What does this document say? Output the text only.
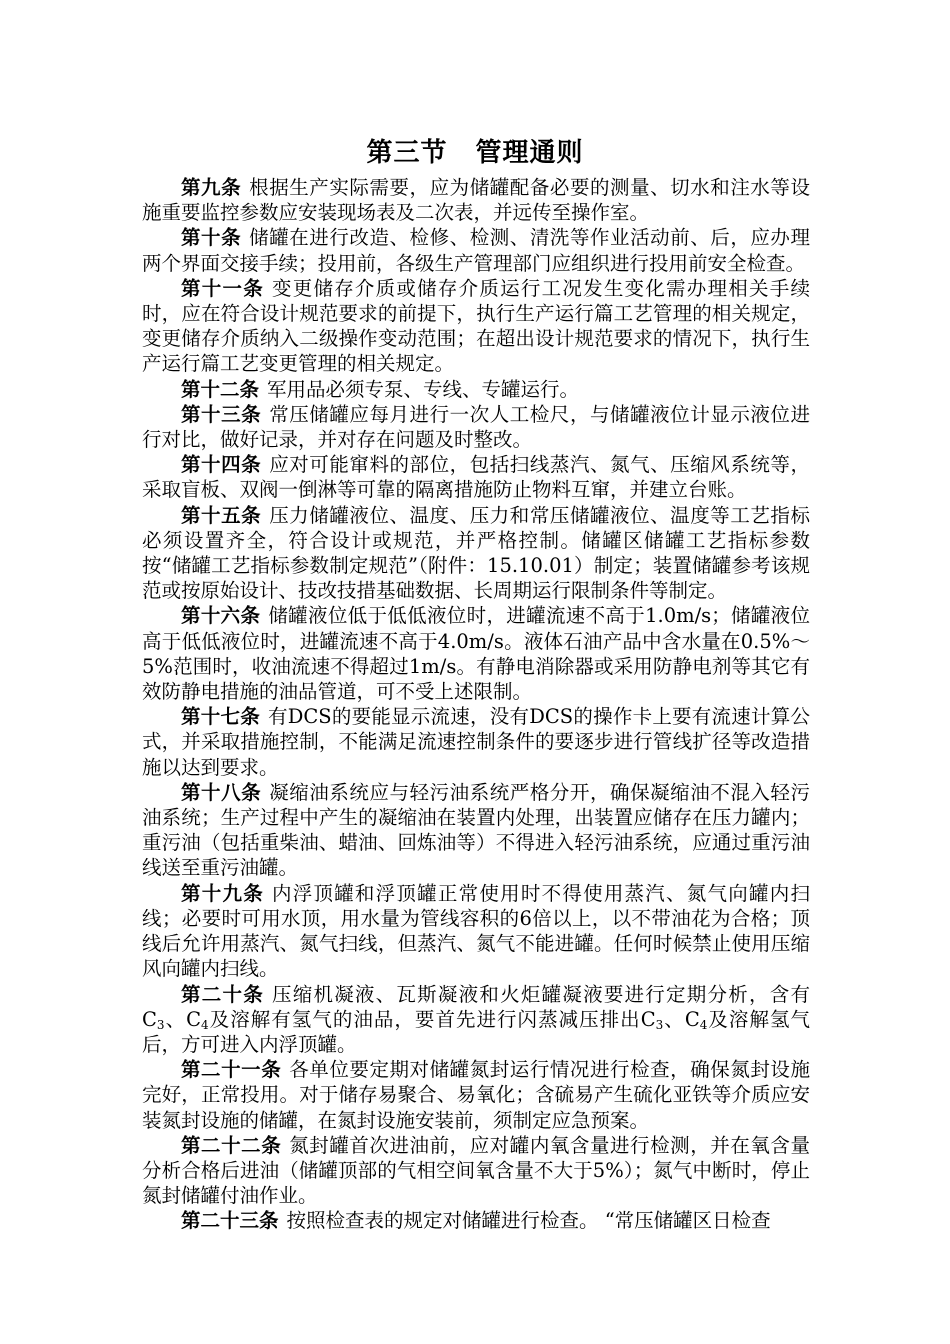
第三节 管理通则

第九条 根据生产实际需要，应为储罐配备必要的测量、切水和注水等设施重要监控参数应安装现场表及二次表，并远传至操作室。

第十条 储罐在进行改造、检修、检测、清洗等作业活动前、后，应办理两个界面交接手续；投用前，各级生产管理部门应组织进行投用前安全检查。

第十一条 变更储存介质或储存介质运行工况发生变化需办理相关手续时，应在符合设计规范要求的前提下，执行生产运行篇工艺管理的相关规定，变更储存介质纳入二级操作变动范围；在超出设计规范要求的情况下，执行生产运行篇工艺变更管理的相关规定。

第十二条 军用品必须专泵、专线、专罐运行。

第十三条 常压储罐应每月进行一次人工检尺，与储罐液位计显示液位进行对比，做好记录，并对存在问题及时整改。

第十四条 应对可能窜料的部位，包括扫线蒸汽、氮气、压缩风系统等，采取盲板、双阀一倒淋等可靠的隔离措施防止物料互窜，并建立台账。

第十五条 压力储罐液位、温度、压力和常压储罐液位、温度等工艺指标必须设置齐全，符合设计或规范，并严格控制。储罐区储罐工艺指标参数按“储罐工艺指标参数制定规范”（附件：15.10.01）制定；装置储罐参考该规范或按原始设计、技改技措基础数据、长周期运行限制条件等制定。

第十六条 储罐液位低于低低液位时，进罐流速不高于1.0m/s；储罐液位高于低低液位时，进罐流速不高于4.0m/s。液体石油产品中含水量在0.5%～5%范围时，收油流速不得超过1m/s。有静电消除器或采用防静电剂等其它有效防静电措施的油品管道，可不受上述限制。

第十七条 有DCS的要能显示流速，没有DCS的操作卡上要有流速计算公式，并采取措施控制，不能满足流速控制条件的要逐步进行管线扩径等改造措施以达到要求。

第十八条 凝缩油系统应与轻污油系统严格分开，确保凝缩油不混入轻污油系统；生产过程中产生的凝缩油在装置内处理，出装置应储存在压力罐内；重污油（包括重柴油、蜡油、回炼油等）不得进入轻污油系统，应通过重污油线送至重污油罐。

第十九条 内浮顶罐和浮顶罐正常使用时不得使用蒸汽、氮气向罐内扫线；必要时可用水顶，用水量为管线容积的6倍以上，以不带油花为合格；顶线后允许用蒸汽、氮气扫线，但蒸汽、氮气不能进罐。任何时候禁止使用压缩风向罐内扫线。

第二十条 压缩机凝液、瓦斯凝液和火炬罐凝液要进行定期分析，含有$C_3$、$C_4$及溶解有氢气的油品，要首先进行闪蒸减压排出$C_3$、$C_4$及溶解氢气后，方可进入内浮顶罐。

第二十一条 各单位要定期对储罐氮封运行情况进行检查，确保氮封设施完好，正常投用。对于储存易聚合、易氧化；含硫易产生硫化亚铁等介质应安装氮封设施的储罐，在氮封设施安装前，须制定应急预案。

第二十二条 氮封罐首次进油前，应对罐内氧含量进行检测，并在氧含量分析合格后进油（储罐顶部的气相空间氧含量不大于5%）；氮气中断时，停止氮封储罐付油作业。

第二十三条 按照检查表的规定对储罐进行检查。 “常压储罐区日检查
